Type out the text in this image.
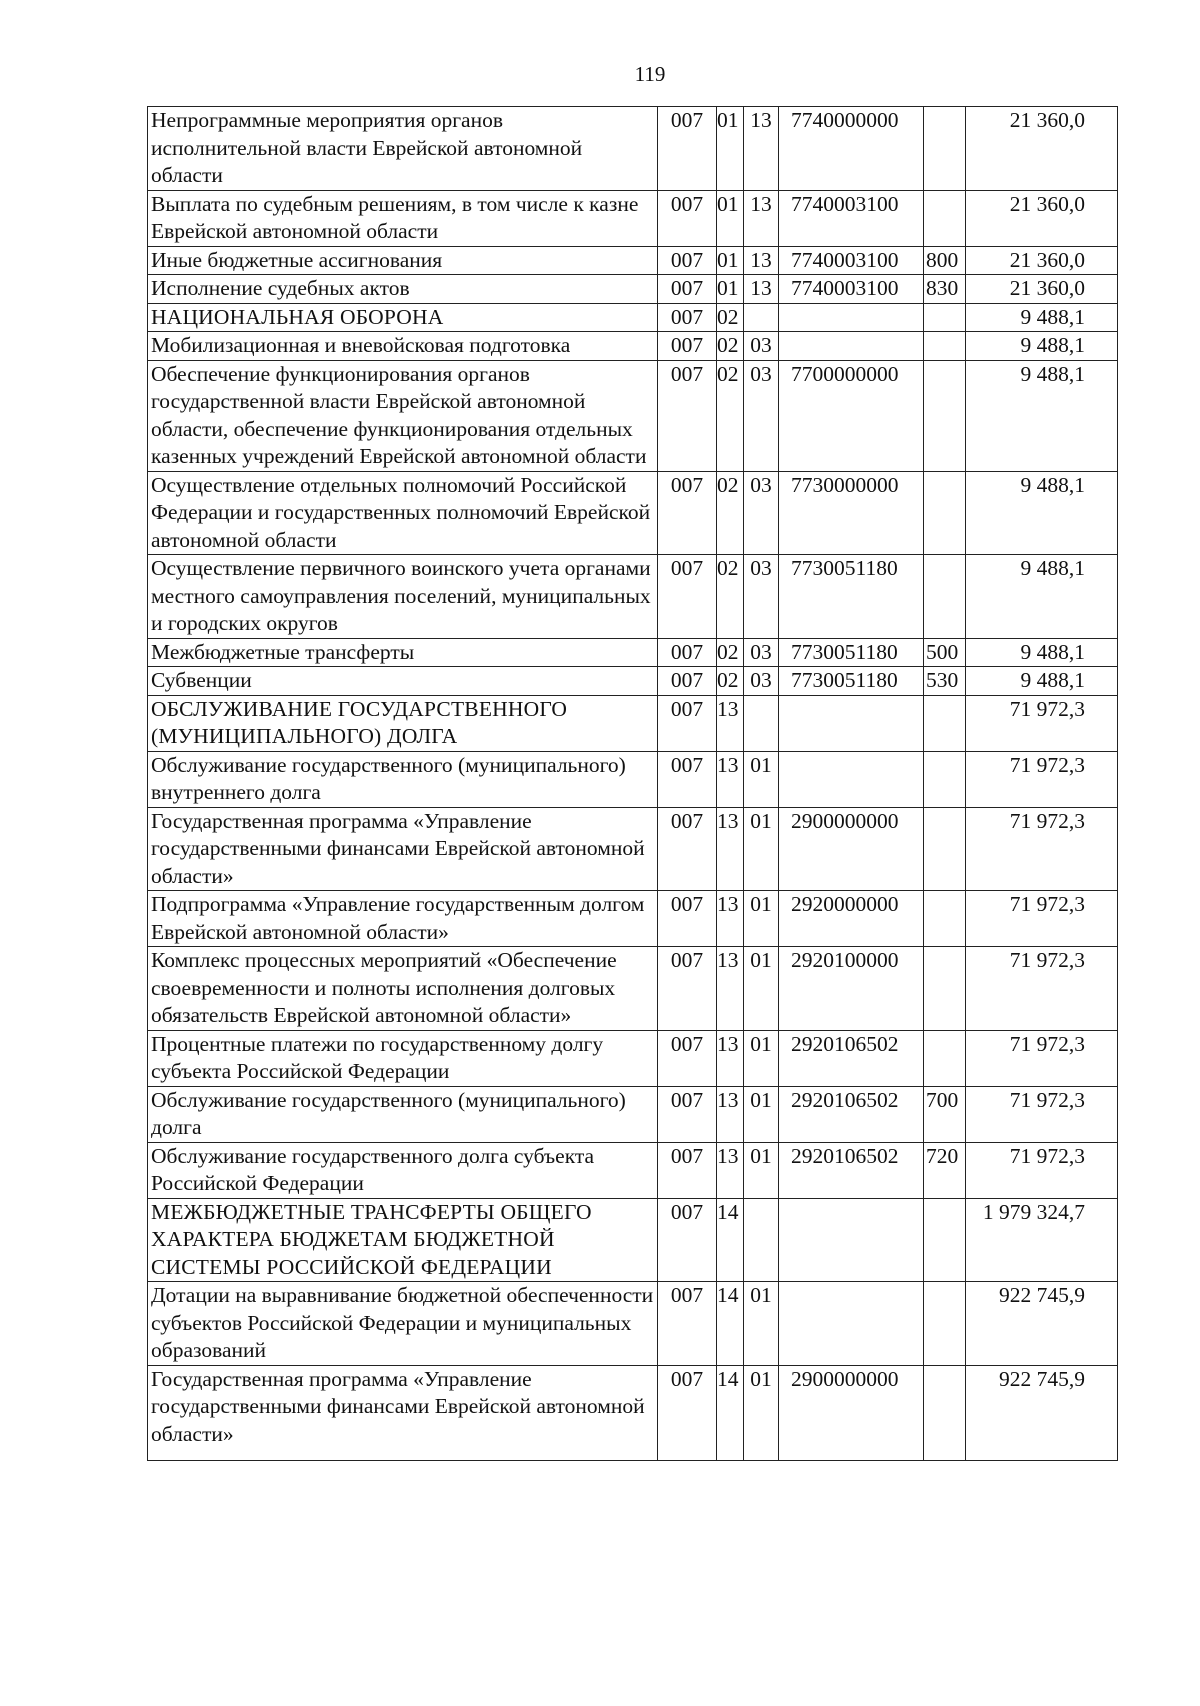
119
Непрограммные мероприятия органов исполнительной власти Еврейской автономной области	007	01	13	7740000000		21 360,0
Выплата по судебным решениям, в том числе к казне Еврейской автономной области	007	01	13	7740003100		21 360,0
Иные бюджетные ассигнования	007	01	13	7740003100	800	21 360,0
Исполнение судебных актов	007	01	13	7740003100	830	21 360,0
НАЦИОНАЛЬНАЯ ОБОРОНА	007	02				9 488,1
Мобилизационная и вневойсковая подготовка	007	02	03			9 488,1
Обеспечение функционирования органов государственной власти Еврейской автономной области, обеспечение функционирования отдельных казенных учреждений Еврейской автономной области	007	02	03	7700000000		9 488,1
Осуществление отдельных полномочий Российской Федерации и государственных полномочий Еврейской автономной области	007	02	03	7730000000		9 488,1
Осуществление первичного воинского учета органами местного самоуправления поселений, муниципальных и городских округов	007	02	03	7730051180		9 488,1
Межбюджетные трансферты	007	02	03	7730051180	500	9 488,1
Субвенции	007	02	03	7730051180	530	9 488,1
ОБСЛУЖИВАНИЕ ГОСУДАРСТВЕННОГО (МУНИЦИПАЛЬНОГО) ДОЛГА	007	13				71 972,3
Обслуживание государственного (муниципального) внутреннего долга	007	13	01			71 972,3
Государственная программа «Управление государственными финансами Еврейской автономной области»	007	13	01	2900000000		71 972,3
Подпрограмма «Управление государственным долгом Еврейской автономной области»	007	13	01	2920000000		71 972,3
Комплекс процессных мероприятий «Обеспечение своевременности и полноты исполнения долговых обязательств Еврейской автономной области»	007	13	01	2920100000		71 972,3
Процентные платежи по государственному долгу субъекта Российской Федерации	007	13	01	2920106502		71 972,3
Обслуживание государственного (муниципального) долга	007	13	01	2920106502	700	71 972,3
Обслуживание государственного долга субъекта Российской Федерации	007	13	01	2920106502	720	71 972,3
МЕЖБЮДЖЕТНЫЕ ТРАНСФЕРТЫ ОБЩЕГО ХАРАКТЕРА БЮДЖЕТАМ БЮДЖЕТНОЙ СИСТЕМЫ РОССИЙСКОЙ ФЕДЕРАЦИИ	007	14				1 979 324,7
Дотации на выравнивание бюджетной обеспеченности субъектов Российской Федерации и муниципальных образований	007	14	01			922 745,9
Государственная программа «Управление государственными финансами Еврейской автономной области»	007	14	01	2900000000		922 745,9
